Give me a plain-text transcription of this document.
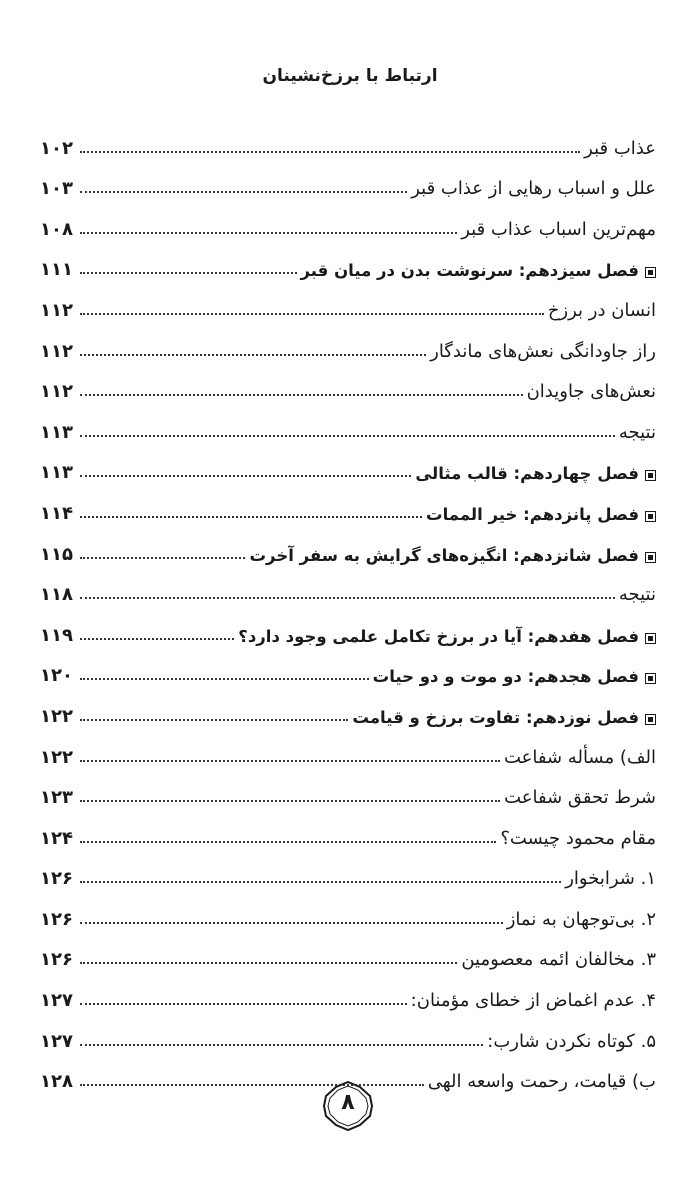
ارتباط با برزخ‌نشینان
عذاب قبر
۱۰۲
علل و اسباب رهایی از عذاب قبر
۱۰۳
مهم‌ترین اسباب عذاب قبر
۱۰۸
فصل سیزدهم: سرنوشت بدن در میان قبر
۱۱۱
انسان در برزخ
۱۱۲
راز جاودانگی نعش‌های ماندگار
۱۱۲
نعش‌های جاویدان
۱۱۲
نتیجه
۱۱۳
فصل چهاردهم: قالب مثالی
۱۱۳
فصل پانزدهم: خیر الممات
۱۱۴
فصل شانزدهم: انگیزه‌های گرایش به سفر آخرت
۱۱۵
نتیجه
۱۱۸
فصل هفدهم: آیا در برزخ تکامل علمی وجود دارد؟
۱۱۹
فصل هجدهم: دو موت و دو حیات
۱۲۰
فصل نوزدهم: تفاوت برزخ و قیامت
۱۲۲
الف) مسأله شفاعت
۱۲۲
شرط تحقق شفاعت
۱۲۳
مقام محمود چیست؟
۱۲۴
۱. شرابخوار
۱۲۶
۲. بی‌توجهان به نماز
۱۲۶
۳. مخالفان ائمه معصومین
۱۲۶
۴. عدم اغماض از خطای مؤمنان:
۱۲۷
۵. کوتاه نکردن شارب:
۱۲۷
ب) قیامت، رحمت واسعه الهی
۱۲۸
۸
